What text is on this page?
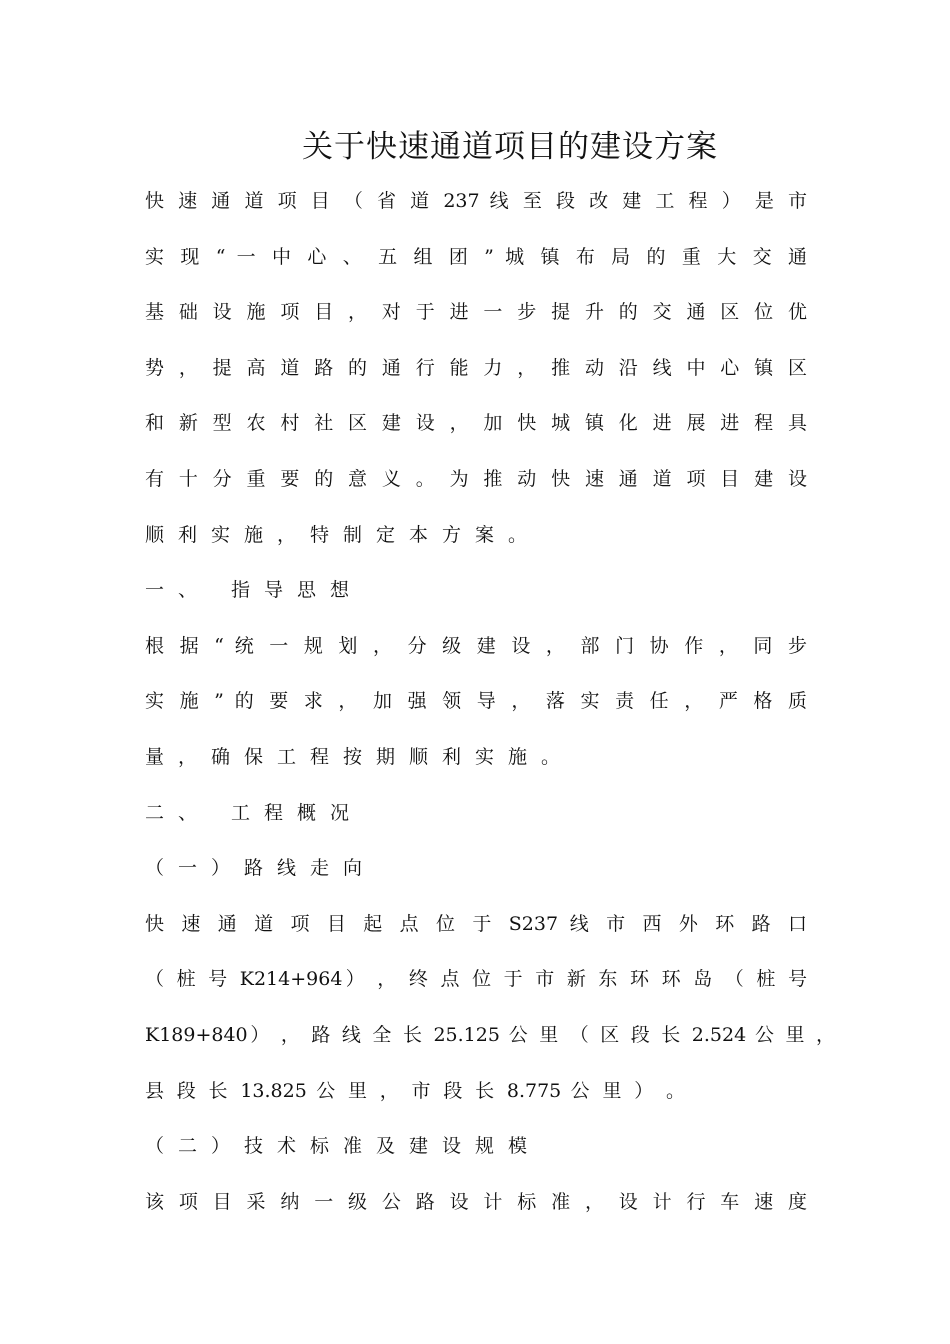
关于快速通道项目的建设方案
快 速 通 道 项 目 （ 省 道 237 线 至 段 改 建 工 程 ） 是 市
实 现 “ 一 中 心 、 五 组 团 ” 城 镇 布 局 的 重 大 交 通
基 础 设 施 项 目 ， 对 于 进 一 步 提 升 的 交 通 区 位 优
势 ， 提 高 道 路 的 通 行 能 力 ， 推 动 沿 线 中 心 镇 区
和 新 型 农 村 社 区 建 设 ， 加 快 城 镇 化 进 展 进 程 具
有 十 分 重 要 的 意 义 。 为 推 动 快 速 通 道 项 目 建 设
顺利实施，特制定本方案。
一、 指导思想
根 据 “ 统 一 规 划 ， 分 级 建 设 ， 部 门 协 作 ， 同 步
实 施 ” 的 要 求 ， 加 强 领 导 ， 落 实 责 任 ， 严 格 质
量，确保工程按期顺利实施。
二、 工程概况
（一）路线走向
快 速 通 道 项 目 起 点 位 于 S237 线 市 西 外 环 路 口
（ 桩 号 K214+964） ， 终 点 位 于 市 新 东 环 环 岛 （ 桩 号
K189+840） ， 路 线 全 长 25.125 公 里 （ 区 段 长 2.524 公 里 ，
县 段 长 13.825 公 里 ， 市 段 长 8.775 公 里 ） 。
（二）技术标准及建设规模
该 项 目 采 纳 一 级 公 路 设 计 标 准 ， 设 计 行 车 速 度
